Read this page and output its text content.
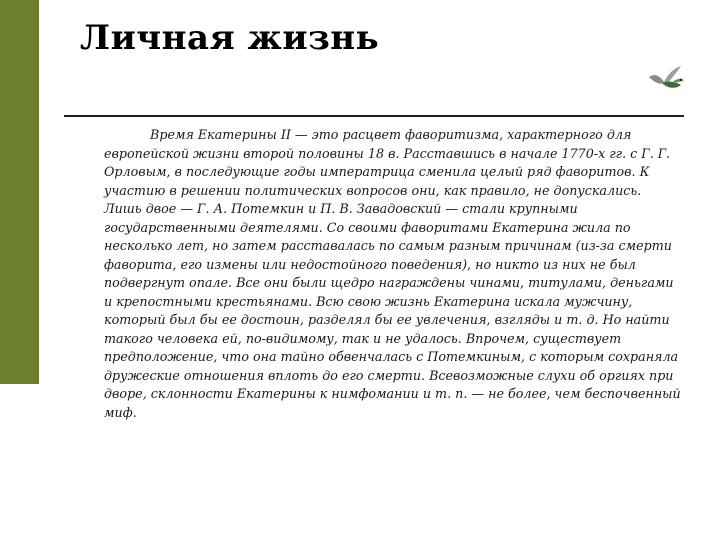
Личная жизнь

Время Екатерины II — это расцвет фаворитизма, характерного для европейской жизни второй половины 18 в. Расставшись в начале 1770-х гг. с Г. Г. Орловым, в последующие годы императрица сменила целый ряд фаворитов. К участию в решении политических вопросов они, как правило, не допускались. Лишь двое — Г. А. Потемкин и П. В. Завадовский — стали крупными государственными деятелями. Со своими фаворитами Екатерина жила по несколько лет, но затем расставалась по самым разным причинам (из-за смерти фаворита, его измены или недостойного поведения), но никто из них не был подвергнут опале. Все они были щедро награждены чинами, титулами, деньгами и крепостными крестьянами. Всю свою жизнь Екатерина искала мужчину, который был бы ее достоин, разделял бы ее увлечения, взгляды и т. д. Но найти такого человека ей, по-видимому, так и не удалось. Впрочем, существует предположение, что она тайно обвенчалась с Потемкиным, с которым сохраняла дружеские отношения вплоть до его смерти. Всевозможные слухи об оргиях при дворе, склонности Екатерины к нимфомании и т. п. — не более, чем беспочвенный миф.
